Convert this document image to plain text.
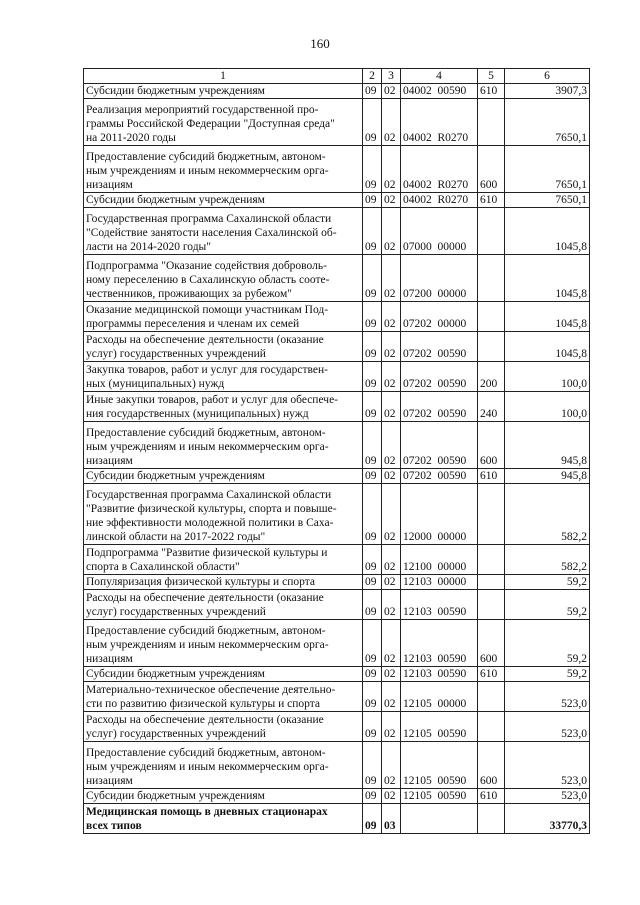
160
1	2	3	4	5	6
Субсидии бюджетным учреждениям	09	02	04002  00590	610	3907,3
Реализация мероприятий государственной про-
граммы Российской Федерации "Доступная среда"
на 2011-2020 годы	09	02	04002  R0270		7650,1
Предоставление субсидий бюджетным, автоном-
ным учреждениям и иным некоммерческим орга-
низациям	09	02	04002  R0270	600	7650,1
Субсидии бюджетным учреждениям	09	02	04002  R0270	610	7650,1
Государственная программа Сахалинской области
"Содействие занятости населения Сахалинской об-
ласти на 2014-2020 годы"	09	02	07000  00000		1045,8
Подпрограмма "Оказание содействия доброволь-
ному переселению в Сахалинскую область соотe-
чественников, проживающих за рубежом"	09	02	07200  00000		1045,8
Оказание медицинской помощи участникам Под-
программы переселения и членам их семей	09	02	07202  00000		1045,8
Расходы на обеспечение деятельности (оказание
услуг) государственных учреждений	09	02	07202  00590		1045,8
Закупка товаров, работ и услуг для государствен-
ных (муниципальных) нужд	09	02	07202  00590	200	100,0
Иные закупки товаров, работ и услуг для обеспече-
ния государственных (муниципальных) нужд	09	02	07202  00590	240	100,0
Предоставление субсидий бюджетным, автоном-
ным учреждениям и иным некоммерческим орга-
низациям	09	02	07202  00590	600	945,8
Субсидии бюджетным учреждениям	09	02	07202  00590	610	945,8
Государственная программа Сахалинской области
"Развитие физической культуры, спорта и повыше-
ние эффективности молодежной политики в Саха-
линской области на 2017-2022 годы"	09	02	12000  00000		582,2
Подпрограмма "Развитие физической культуры и
спорта в Сахалинской области"	09	02	12100  00000		582,2
Популяризация физической культуры и спорта	09	02	12103  00000		59,2
Расходы на обеспечение деятельности (оказание
услуг) государственных учреждений	09	02	12103  00590		59,2
Предоставление субсидий бюджетным, автоном-
ным учреждениям и иным некоммерческим орга-
низациям	09	02	12103  00590	600	59,2
Субсидии бюджетным учреждениям	09	02	12103  00590	610	59,2
Материально-техническое обеспечение деятельно-
сти по развитию физической культуры и спорта	09	02	12105  00000		523,0
Расходы на обеспечение деятельности (оказание
услуг) государственных учреждений	09	02	12105  00590		523,0
Предоставление субсидий бюджетным, автоном-
ным учреждениям и иным некоммерческим орга-
низациям	09	02	12105  00590	600	523,0
Субсидии бюджетным учреждениям	09	02	12105  00590	610	523,0
Медицинская помощь в дневных стационарах
всех типов	09	03			33770,3
